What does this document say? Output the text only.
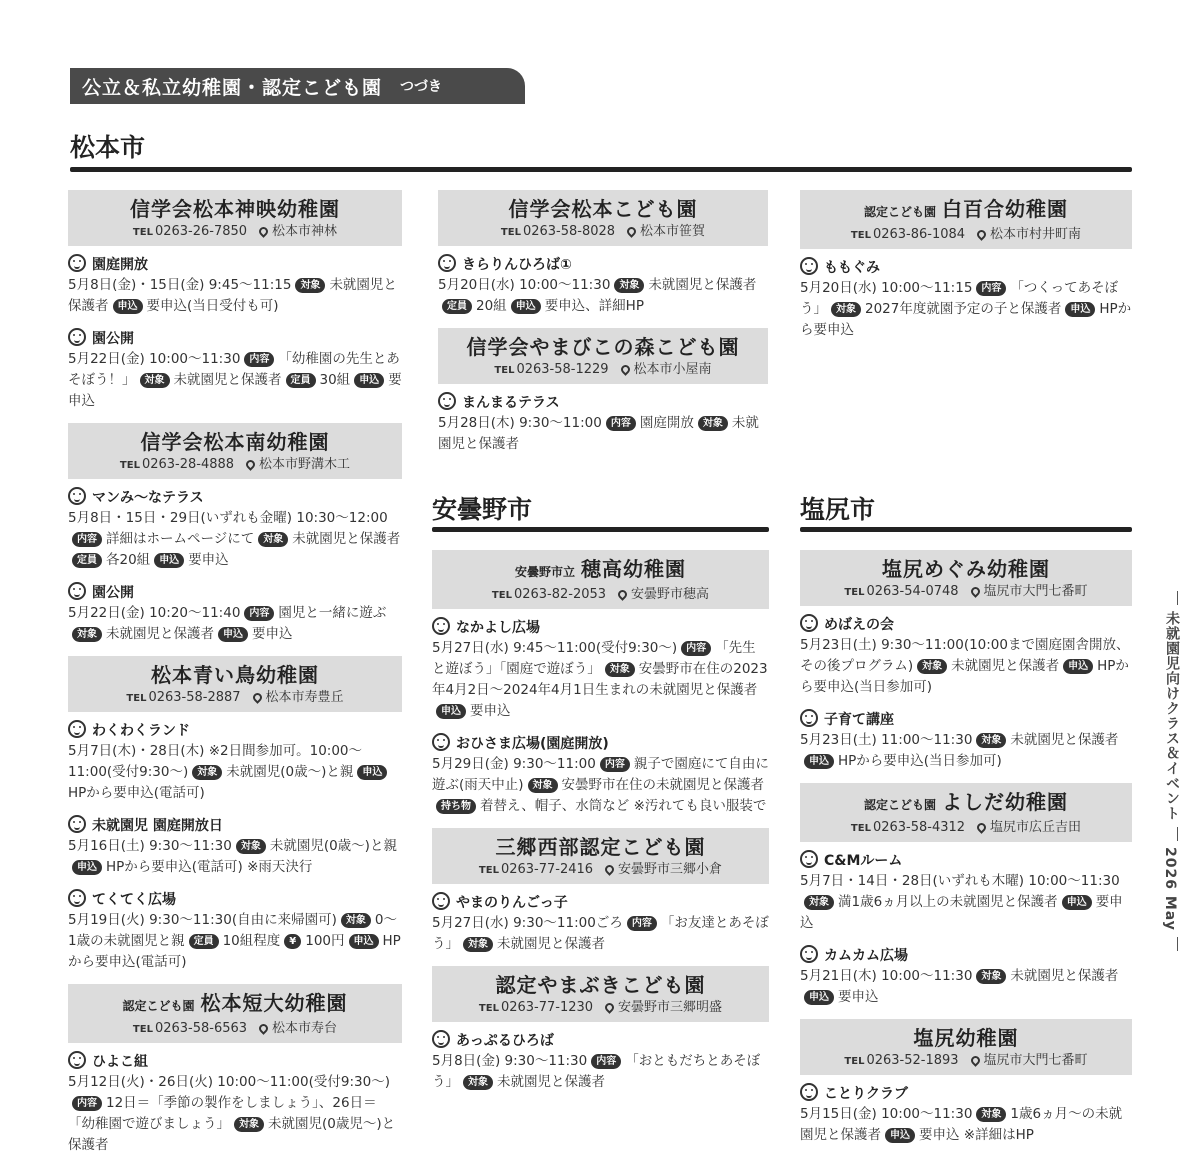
公立＆私立幼稚園・認定こども園 つづき
松本市
安曇野市	塩尻市
信学会松本神映幼稚園
TEL 0263-26-7850 松本市神林
園庭開放
5月8日(金)・15日(金) 9:45〜11:15 対象 未就園児と保護者 申込 要申込(当日受付も可)
園公開
5月22日(金) 10:00〜11:30 内容 「幼稚園の先生とあそぼう！」 対象 未就園児と保護者 定員 30組 申込 要申込
信学会松本南幼稚園
TEL 0263-28-4888 松本市野溝木工
マンみ〜なテラス
5月8日・15日・29日(いずれも金曜) 10:30〜12:00内容 詳細はホームページにて 対象 未就園児と保護者定員 各20組 申込 要申込
園公開
5月22日(金) 10:20〜11:40 内容 園児と一緒に遊ぶ対象 未就園児と保護者 申込 要申込
松本青い鳥幼稚園
TEL 0263-58-2887 松本市寿豊丘
わくわくランド
5月7日(木)・28日(木) ※2日間参加可。10:00〜11:00(受付9:30〜) 対象 未就園児(0歳〜)と親 申込HPから要申込(電話可)
未就園児 園庭開放日
5月16日(土) 9:30〜11:30 対象 未就園児(0歳〜)と親申込 HPから要申込(電話可) ※雨天決行
てくてく広場
5月19日(火) 9:30〜11:30(自由に来帰園可) 対象 0〜1歳の未就園児と親 定員 10組程度 ¥ 100円 申込 HPから要申込(電話可)
認定こども園 松本短大幼稚園
TEL 0263-58-6563 松本市寿台
ひよこ組
5月12日(火)・26日(火) 10:00〜11:00(受付9:30〜)内容 12日＝「季節の製作をしましょう」、26日＝「幼稚園で遊びましょう」 対象 未就園児(0歳児〜)と保護者
信学会松本こども園
TEL 0263-58-8028 松本市笹賀
きらりんひろば①
5月20日(水) 10:00〜11:30 対象 未就園児と保護者定員 20組 申込 要申込、詳細HP
信学会やまびこの森こども園
TEL 0263-58-1229 松本市小屋南
まんまるテラス
5月28日(木) 9:30〜11:00 内容 園庭開放 対象 未就園児と保護者
安曇野市立 穂高幼稚園
TEL 0263-82-2053 安曇野市穂高
なかよし広場
5月27日(水) 9:45〜11:00(受付9:30〜) 内容 「先生と遊ぼう」「園庭で遊ぼう」 対象 安曇野市在住の2023年4月2日〜2024年4月1日生まれの未就園児と保護者申込 要申込
おひさま広場(園庭開放)
5月29日(金) 9:30〜11:00 内容 親子で園庭にて自由に遊ぶ(雨天中止) 対象 安曇野市在住の未就園児と保護者持ち物 着替え、帽子、水筒など ※汚れても良い服装で
三郷西部認定こども園
TEL 0263-77-2416 安曇野市三郷小倉
やまのりんごっ子
5月27日(水) 9:30〜11:00ごろ 内容 「お友達とあそぼう」 対象 未就園児と保護者
認定やまぶきこども園
TEL 0263-77-1230 安曇野市三郷明盛
あっぷるひろば
5月8日(金) 9:30〜11:30 内容 「おともだちとあそぼう」 対象 未就園児と保護者
認定こども園 白百合幼稚園
TEL 0263-86-1084 松本市村井町南
ももぐみ
5月20日(水) 10:00〜11:15 内容 「つくってあそぼう」 対象 2027年度就園予定の子と保護者 申込 HPから要申込
塩尻めぐみ幼稚園
TEL 0263-54-0748 塩尻市大門七番町
めばえの会
5月23日(土) 9:30〜11:00(10:00まで園庭園舎開放、その後プログラム) 対象 未就園児と保護者 申込 HPから要申込(当日参加可)
子育て講座
5月23日(土) 11:00〜11:30 対象 未就園児と保護者申込 HPから要申込(当日参加可)
認定こども園 よしだ幼稚園
TEL 0263-58-4312 塩尻市広丘吉田
C&Mルーム
5月7日・14日・28日(いずれも木曜) 10:00〜11:30対象 満1歳6ヵ月以上の未就園児と保護者 申込 要申込
カムカム広場
5月21日(木) 10:00〜11:30 対象 未就園児と保護者申込 要申込
塩尻幼稚園
TEL 0263-52-1893 塩尻市大門七番町
ことりクラブ
5月15日(金) 10:00〜11:30 対象 1歳6ヵ月〜の未就園児と保護者 申込 要申込 ※詳細はHP
未就園児向けクラス＆イベント
2026 May
